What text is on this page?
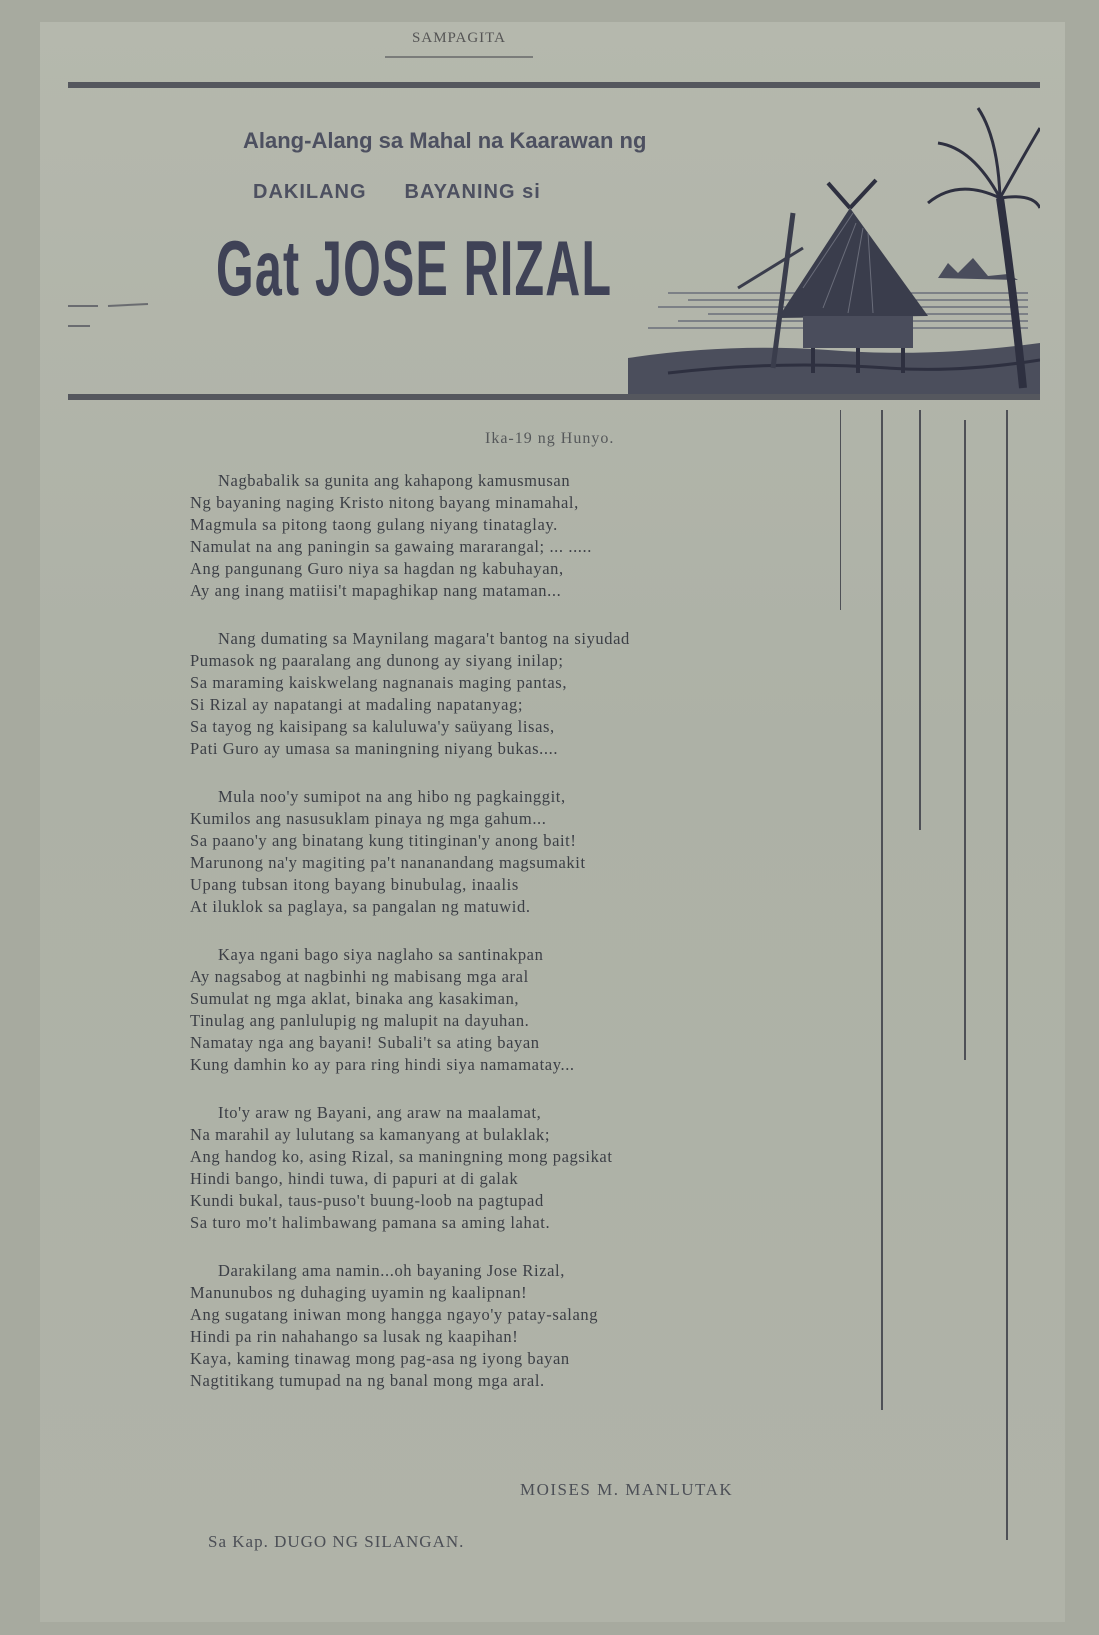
SAMPAGITA
Alang-Alang sa Mahal na Kaarawan ng
DAKILANG BAYANING si
Gat JOSE RIZAL
Ika-19 ng Hunyo.
Nagbabalik sa gunita ang kahapong kamusmusan
Ng bayaning naging Kristo nitong bayang minamahal,
Magmula sa pitong taong gulang niyang tinataglay.
Namulat na ang paningin sa gawaing mararangal; ... .....
Ang pangunang Guro niya sa hagdan ng kabuhayan,
Ay ang inang matiisi't mapaghikap nang mataman...
Nang dumating sa Maynilang magara't bantog na siyudad
Pumasok ng paaralang ang dunong ay siyang inilap;
Sa maraming kaiskwelang nagnanais maging pantas,
Si Rizal ay napatangi at madaling napatanyag;
Sa tayog ng kaisipang sa kaluluwa'y saüyang lisas,
Pati Guro ay umasa sa maningning niyang bukas....
Mula noo'y sumipot na ang hibo ng pagkainggit,
Kumilos ang nasusuklam pinaya ng mga gahum...
Sa paano'y ang binatang kung titinginan'y anong bait!
Marunong na'y magiting pa't nananandang magsumakit
Upang tubsan itong bayang binubulag, inaalis
At iluklok sa paglaya, sa pangalan ng matuwid.
Kaya ngani bago siya naglaho sa santinakpan
Ay nagsabog at nagbinhi ng mabisang mga aral
Sumulat ng mga aklat, binaka ang kasakiman,
Tinulag ang panlulupig ng malupit na dayuhan.
Namatay nga ang bayani! Subali't sa ating bayan
Kung damhin ko ay para ring hindi siya namamatay...
Ito'y araw ng Bayani, ang araw na maalamat,
Na marahil ay lulutang sa kamanyang at bulaklak;
Ang handog ko, asing Rizal, sa maningning mong pagsikat
Hindi bango, hindi tuwa, di papuri at di galak
Kundi bukal, taus-puso't buung-loob na pagtupad
Sa turo mo't halimbawang pamana sa aming lahat.
Darakilang ama namin...oh bayaning Jose Rizal,
Manunubos ng duhaging uyamin ng kaalipnan!
Ang sugatang iniwan mong hangga ngayo'y patay-salang
Hindi pa rin nahahango sa lusak ng kaapihan!
Kaya, kaming tinawag mong pag-asa ng iyong bayan
Nagtitikang tumupad na ng banal mong mga aral.
MOISES M. MANLUTAK
Sa Kap. DUGO NG SILANGAN.
